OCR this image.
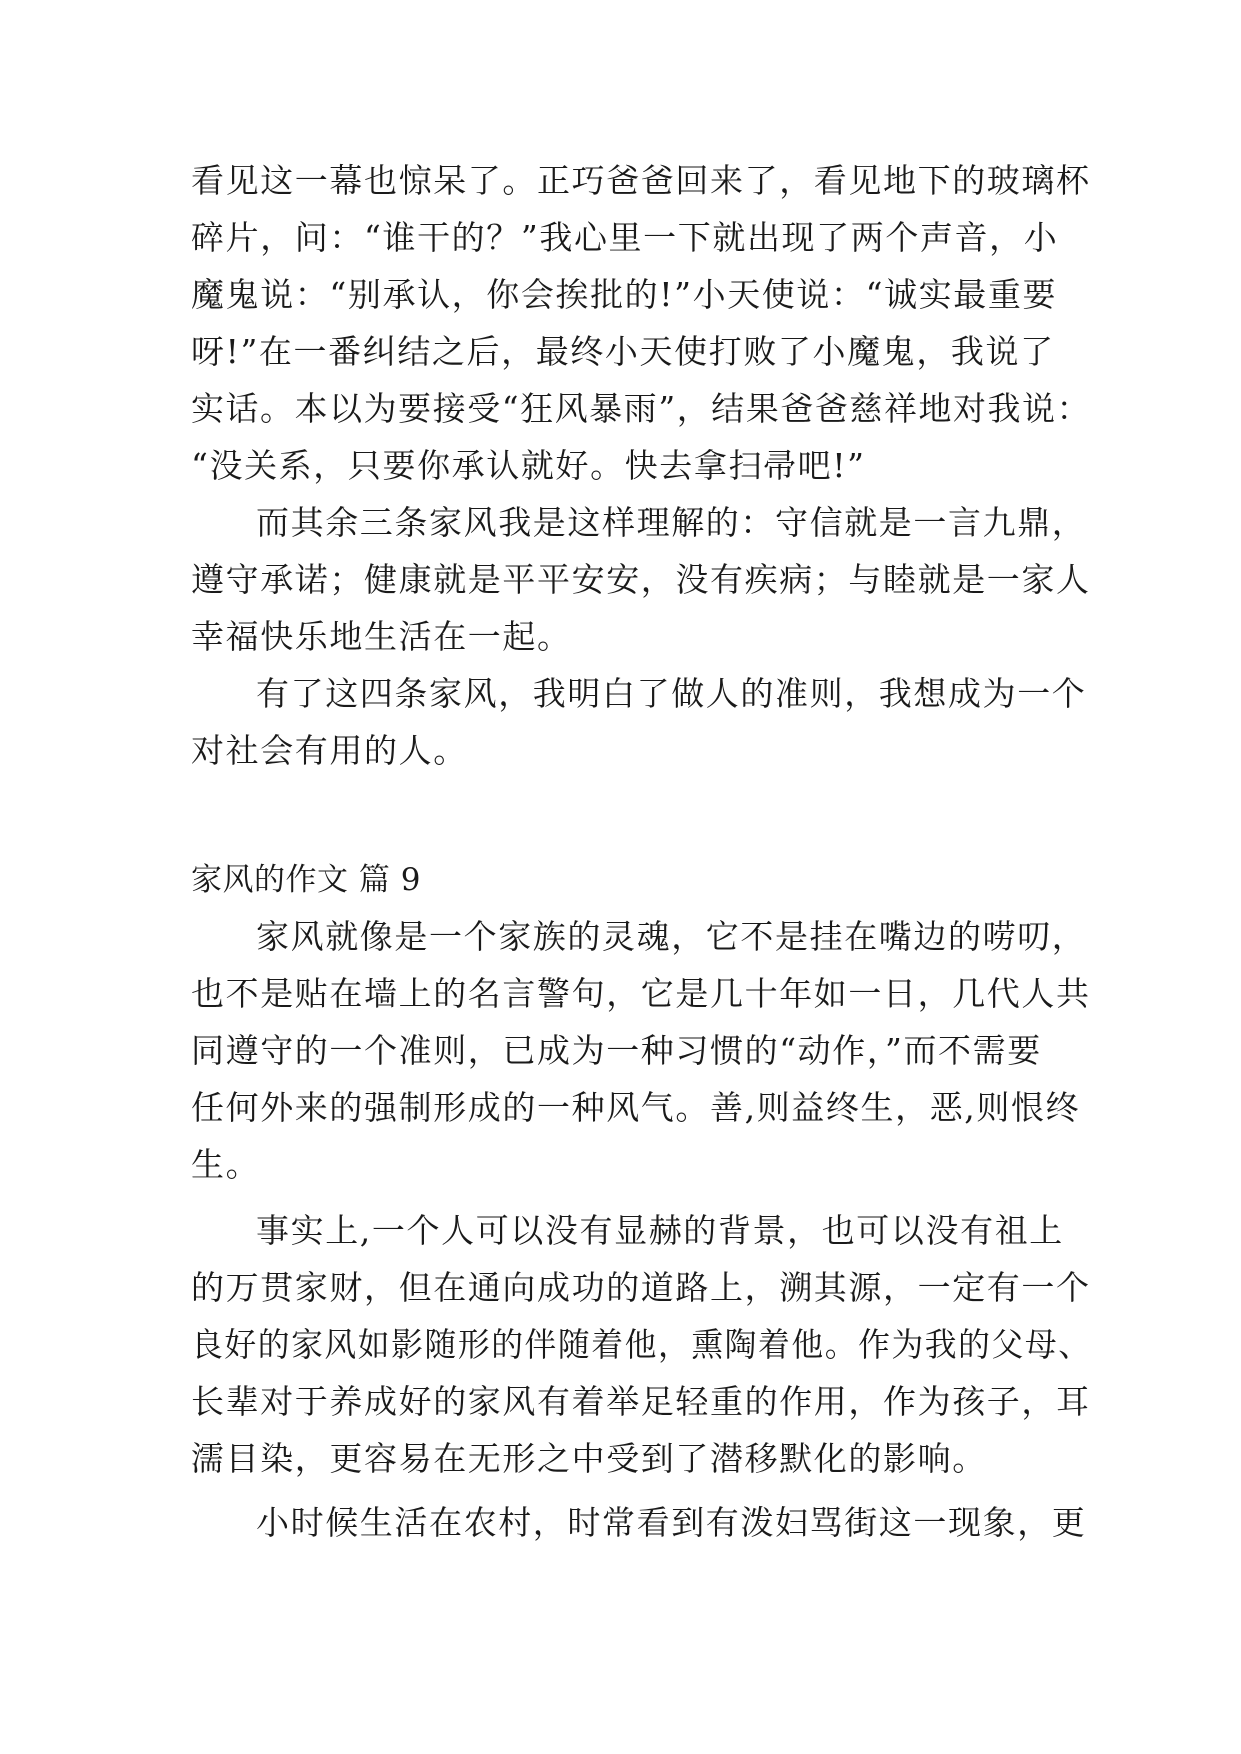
看见这一幕也惊呆了。正巧爸爸回来了，看见地下的玻璃杯
碎片，问：“谁干的？”我心里一下就出现了两个声音，小
魔鬼说：“别承认，你会挨批的!”小天使说：“诚实最重要
呀!”在一番纠结之后，最终小天使打败了小魔鬼，我说了
实话。本以为要接受“狂风暴雨”，结果爸爸慈祥地对我说：
“没关系，只要你承认就好。快去拿扫帚吧!”
而其余三条家风我是这样理解的：守信就是一言九鼎，
遵守承诺；健康就是平平安安，没有疾病；与睦就是一家人
幸福快乐地生活在一起。
有了这四条家风，我明白了做人的准则，我想成为一个
对社会有用的人。
家风的作文 篇 9
家风就像是一个家族的灵魂，它不是挂在嘴边的唠叨，
也不是贴在墙上的名言警句，它是几十年如一日，几代人共
同遵守的一个准则，已成为一种习惯的“动作，”而不需要
任何外来的强制形成的一种风气。善,则益终生，恶,则恨终
生。
事实上,一个人可以没有显赫的背景，也可以没有祖上
的万贯家财，但在通向成功的道路上，溯其源，一定有一个
良好的家风如影随形的伴随着他，熏陶着他。作为我的父母、
长辈对于养成好的家风有着举足轻重的作用，作为孩子，耳
濡目染，更容易在无形之中受到了潜移默化的影响。
小时候生活在农村，时常看到有泼妇骂街这一现象，更
